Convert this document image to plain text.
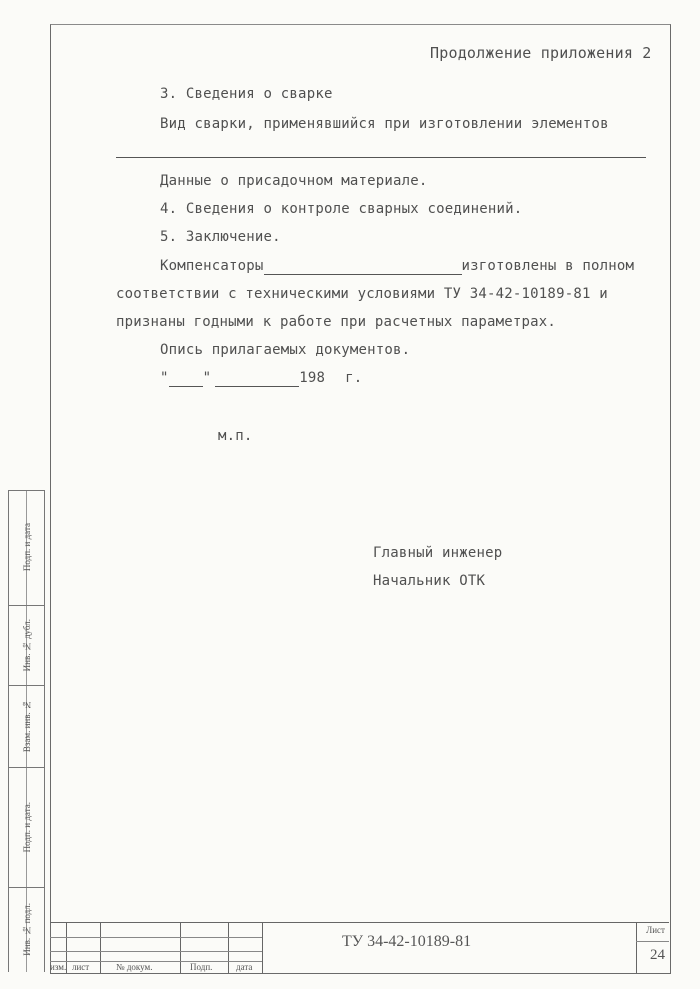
Продолжение приложения 2
3. Сведения о сварке
Вид сварки, применявшийся при изготовлении элементов
Данные о присадочном материале.
4. Сведения о контроле сварных соединений.
5. Заключение.
Компенсаторы	изготовлены в полном
соответствии с техническими условиями ТУ 34-42-10189-81 и
признаны годными к работе при расчетных параметрах.
Опись прилагаемых документов.
" "	198 г.
м.п.
Главный инженер
Начальник ОТК
Подп. и дата
Инв. № дубл.
Взам. инв. №
Подп. и дата.
Инв. № подл.
изм. лист	№ докум.	Подп.	дата
ТУ 34-42-10189-81
Лист
24
